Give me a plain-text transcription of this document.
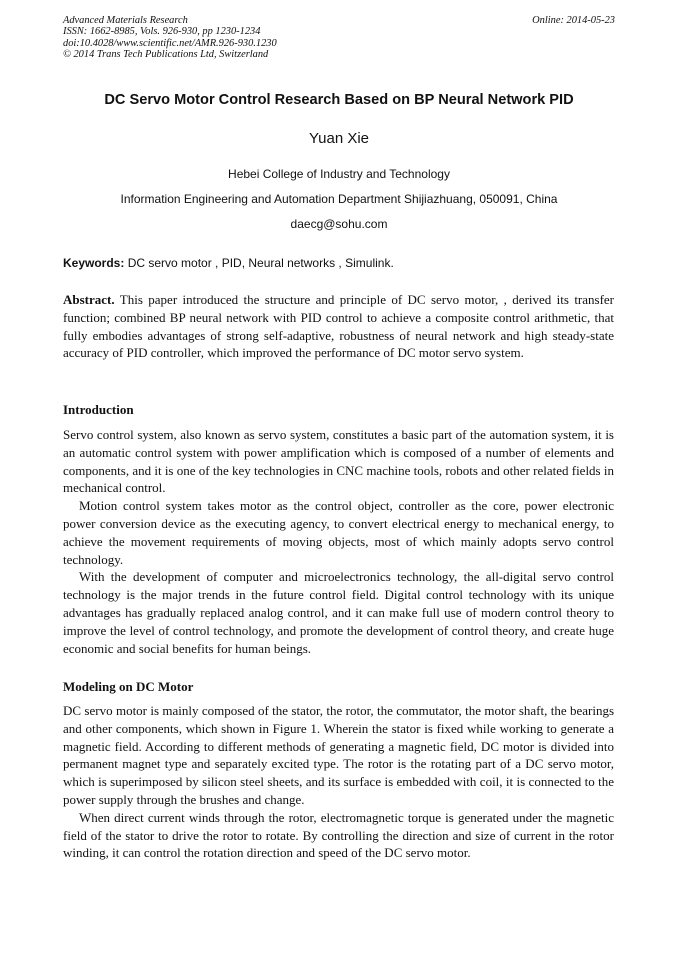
Advanced Materials Research
ISSN: 1662-8985, Vols. 926-930, pp 1230-1234
doi:10.4028/www.scientific.net/AMR.926-930.1230
© 2014 Trans Tech Publications Ltd, Switzerland
Online: 2014-05-23
DC Servo Motor Control Research Based on BP Neural Network PID
Yuan Xie
Hebei College of Industry and Technology
Information Engineering and Automation Department Shijiazhuang, 050091, China
daecg@sohu.com
Keywords: DC servo motor , PID, Neural networks , Simulink.

Abstract. This paper introduced the structure and principle of DC servo motor, , derived its transfer function; combined BP neural network with PID control to achieve a composite control arithmetic, that fully embodies advantages of strong self-adaptive, robustness of neural network and high steady-state accuracy of PID controller, which improved the performance of DC motor servo system.

Introduction

Servo control system, also known as servo system, constitutes a basic part of the automation system, it is an automatic control system with power amplification which is composed of a number of elements and components, and it is one of the key technologies in CNC machine tools, robots and other related fields in mechanical control.

Motion control system takes motor as the control object, controller as the core, power electronic power conversion device as the executing agency, to convert electrical energy to mechanical energy, to achieve the movement requirements of moving objects, most of which mainly adopts servo control technology.

With the development of computer and microelectronics technology, the all-digital servo control technology is the major trends in the future control field. Digital control technology with its unique advantages has gradually replaced analog control, and it can make full use of modern control theory to improve the level of control technology, and promote the development of control theory, and create huge economic and social benefits for human beings.

Modeling on DC Motor

DC servo motor is mainly composed of the stator, the rotor, the commutator, the motor shaft, the bearings and other components, which shown in Figure 1. Wherein the stator is fixed while working to generate a magnetic field. According to different methods of generating a magnetic field, DC motor is divided into permanent magnet type and separately excited type. The rotor is the rotating part of a DC servo motor, which is superimposed by silicon steel sheets, and its surface is embedded with coil, it is connected to the power supply through the brushes and change.

When direct current winds through the rotor, electromagnetic torque is generated under the magnetic field of the stator to drive the rotor to rotate. By controlling the direction and size of current in the rotor winding, it can control the rotation direction and speed of the DC servo motor.
